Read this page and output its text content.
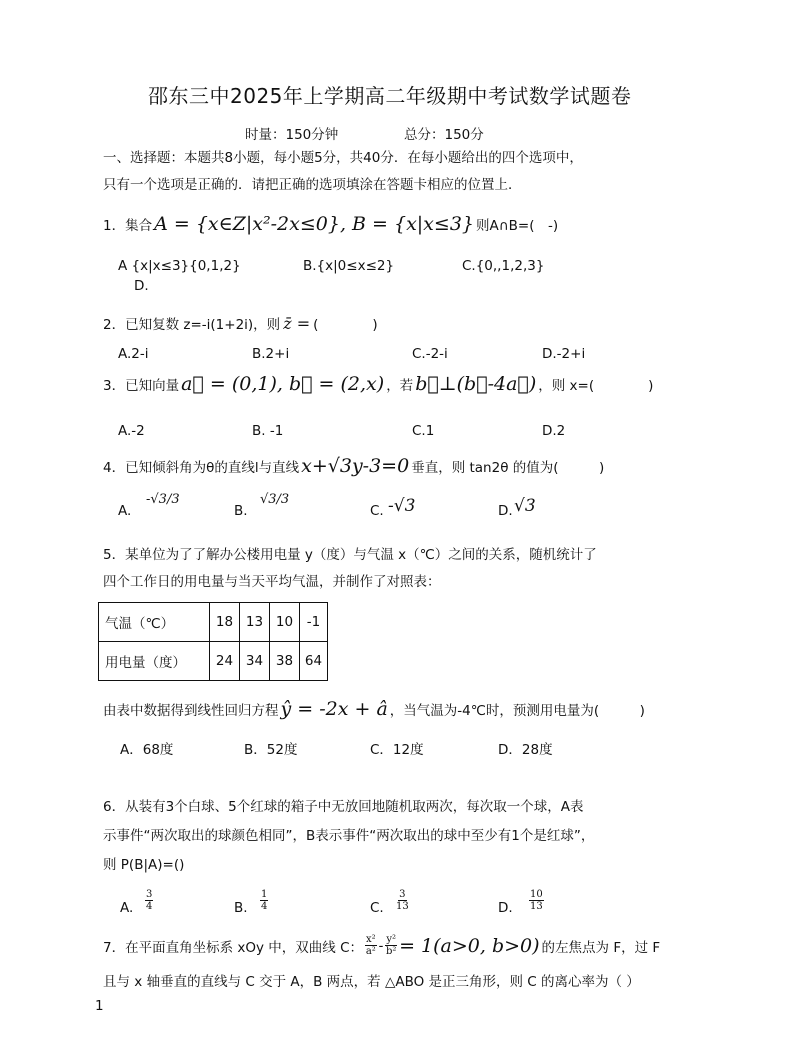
邵东三中2025年上学期高二年级期中考试数学试题卷
时量：150分钟	总分：150分
一、选择题：本题共8小题，每小题5分，共40分．在每小题给出的四个选项中，
只有一个选项是正确的．请把正确的选项填涂在答题卡相应的位置上．
1．集合 A = {x∈Z|x²-2x≤0}, B = {x|x≤3} 则A∩B=(　-)
A {x|x≤3}{0,1,2}	B.{x|0≤x≤2}	C.{0,,1,2,3}
D.
2．已知复数 z=-i(1+2i)，则 z̄ = (　　　　)
A.2-i	B.2+i	C.-2-i	D.-2+i
3．已知向量 a⃗ = (0,1), b⃗ = (2,x) ，若 b⃗⊥(b⃗-4a⃗) ，则 x=(　　　　)
A.-2	B. -1	C.1	D.2
4．已知倾斜角为θ的直线l与直线 x+√3y-3=0 垂直，则 tan2θ 的值为(　　　)
A.
-√3/3
B.
√3/3
C. -√3	D. √3
5．某单位为了了解办公楼用电量 y（度）与气温 x（℃）之间的关系，随机统计了
四个工作日的用电量与当天平均气温，并制作了对照表：
气温（℃）	18	13	10	-1
用电量（度）	24	34	38	64
由表中数据得到线性回归方程 ŷ = -2x + â ，当气温为-4℃时，预测用电量为(　　　)
A．68度	B．52度	C．12度	D．28度
6．从装有3个白球、5个红球的箱子中无放回地随机取两次，每次取一个球，A表
示事件“两次取出的球颜色相同”，B表示事件“两次取出的球中至少有1个是红球”，
则 P(B|A)=()
A. $\frac{3}{4}$	B. $\frac{1}{4}$	C. $\frac{3}{13}$	D. $\frac{10}{13}$
7．在平面直角坐标系 xOy 中，双曲线 C： $\frac{\text{x²}}{\text{a²}} - \frac{\text{y²}}{\text{b²}} = 1(a>0$, b>0) 的左焦点为 F，过 F
且与 x 轴垂直的直线与 C 交于 A，B 两点，若 △ABO 是正三角形，则 C 的离心率为（ ）
1
